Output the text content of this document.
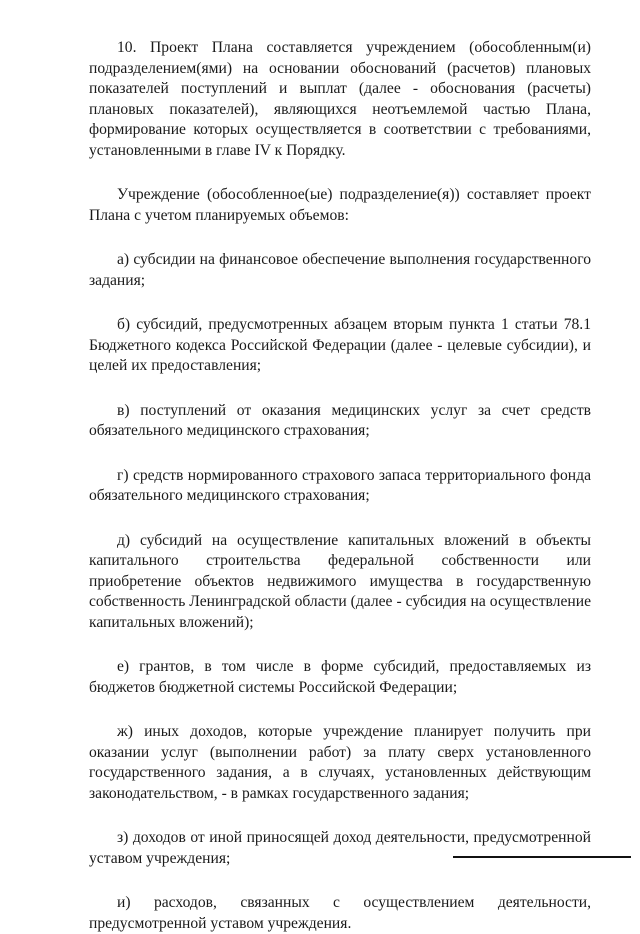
10. Проект Плана составляется учреждением (обособленным(и) подразделением(ями) на основании обоснований (расчетов) плановых показателей поступлений и выплат (далее - обоснования (расчеты) плановых показателей), являющихся неотъемлемой частью Плана, формирование которых осуществляется в соответствии с требованиями, установленными в главе IV к Порядку.

Учреждение (обособленное(ые) подразделение(я)) составляет проект Плана с учетом планируемых объемов:

а) субсидии на финансовое обеспечение выполнения государственного задания;

б) субсидий, предусмотренных абзацем вторым пункта 1 статьи 78.1 Бюджетного кодекса Российской Федерации (далее - целевые субсидии), и целей их предоставления;

в) поступлений от оказания медицинских услуг за счет средств обязательного медицинского страхования;

г) средств нормированного страхового запаса территориального фонда обязательного медицинского страхования;

д) субсидий на осуществление капитальных вложений в объекты капитального строительства федеральной собственности или приобретение объектов недвижимого имущества в государственную собственность Ленинградской области (далее - субсидия на осуществление капитальных вложений);

е) грантов, в том числе в форме субсидий, предоставляемых из бюджетов бюджетной системы Российской Федерации;

ж) иных доходов, которые учреждение планирует получить при оказании услуг (выполнении работ) за плату сверх установленного государственного задания, а в случаях, установленных действующим законодательством, - в рамках государственного задания;

з) доходов от иной приносящей доход деятельности, предусмотренной уставом учреждения;

и) расходов, связанных с осуществлением деятельности, предусмотренной уставом учреждения.
